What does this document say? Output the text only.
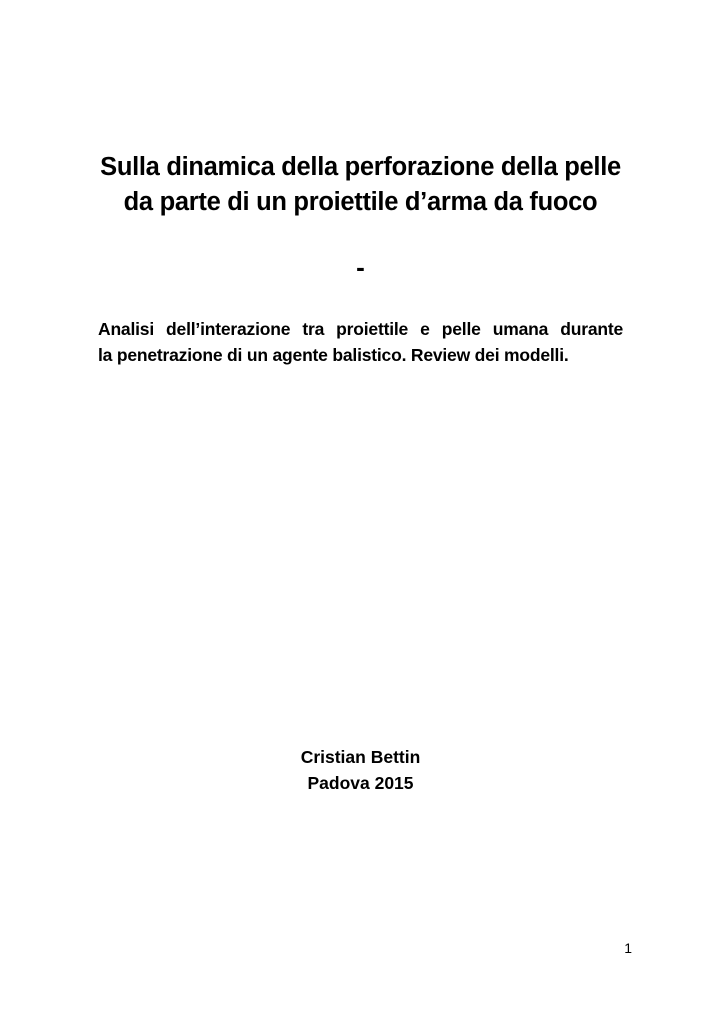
Sulla dinamica della perforazione della pelle
da parte di un proiettile d’arma da fuoco
-
Analisi dell’interazione tra proiettile e pelle umana durante
la penetrazione di un agente balistico. Review dei modelli.
Cristian Bettin
Padova 2015
1
